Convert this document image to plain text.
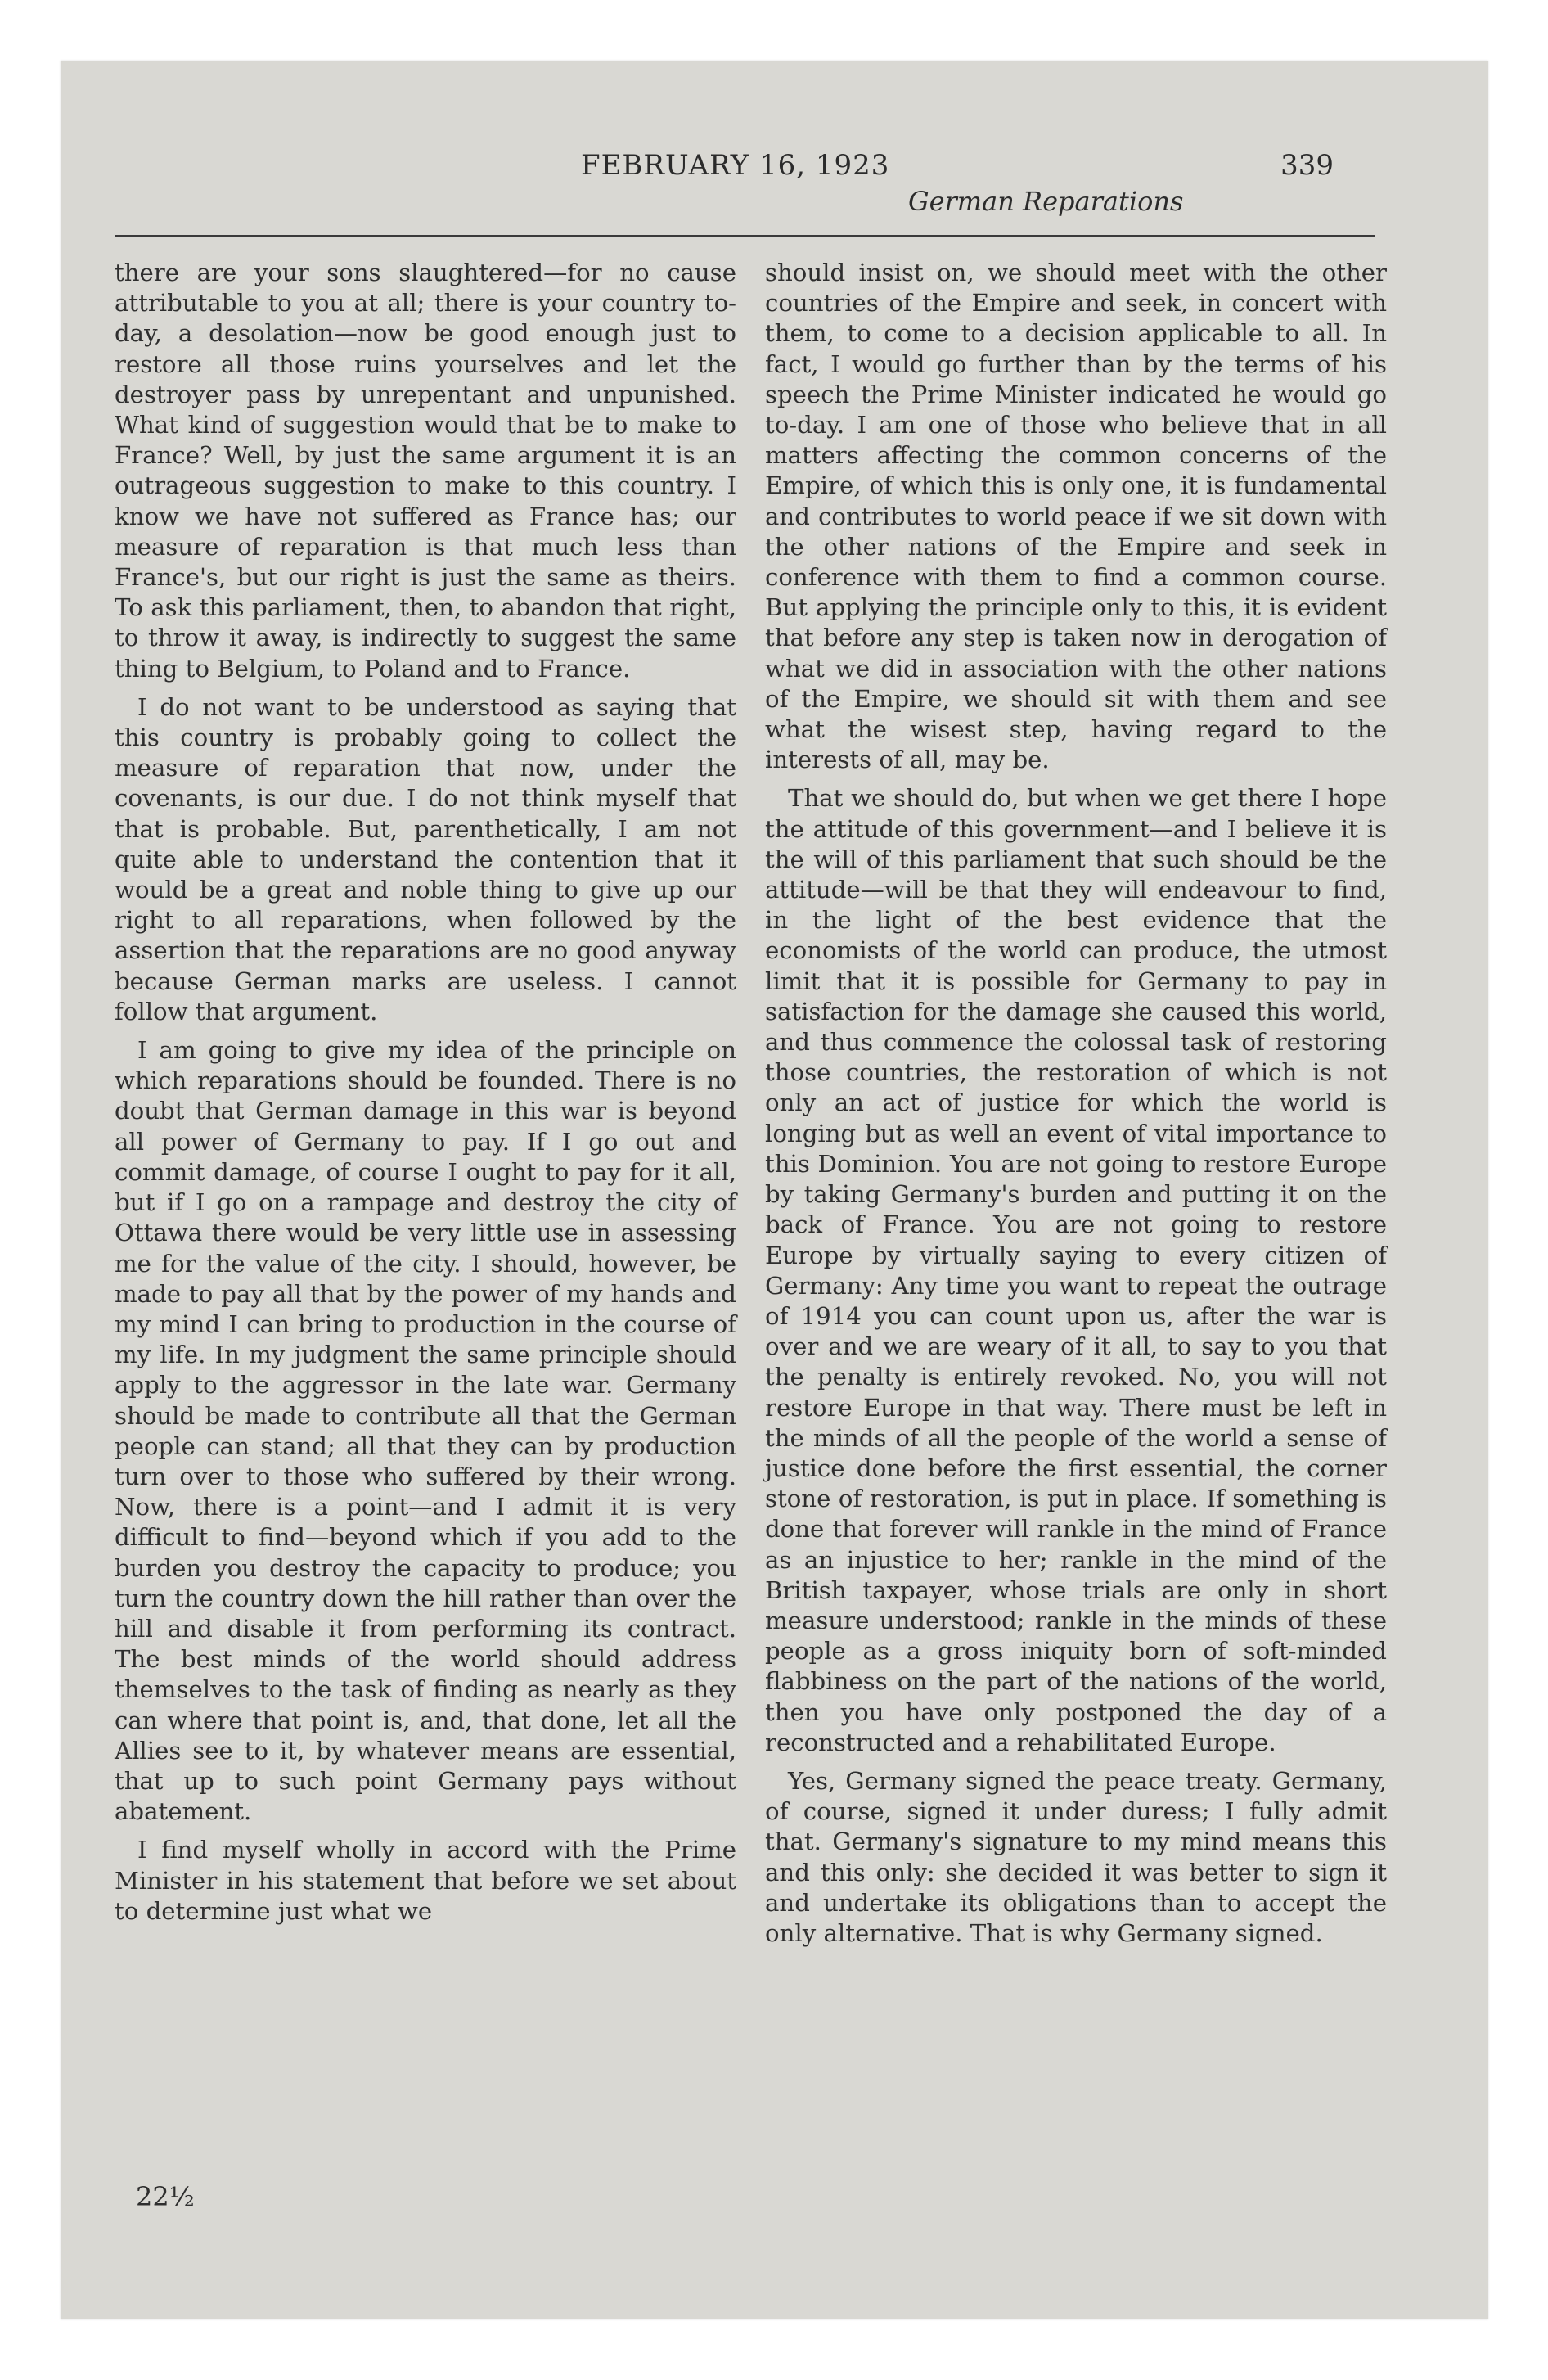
FEBRUARY 16, 1923	339
German Reparations

there are your sons slaughtered—for no cause attributable to you at all; there is your country to-day, a desolation—now be good enough just to restore all those ruins yourselves and let the destroyer pass by unrepentant and unpunished. What kind of suggestion would that be to make to France? Well, by just the same argument it is an outrageous suggestion to make to this country. I know we have not suffered as France has; our measure of reparation is that much less than France's, but our right is just the same as theirs. To ask this parliament, then, to abandon that right, to throw it away, is indirectly to suggest the same thing to Belgium, to Poland and to France.

I do not want to be understood as saying that this country is probably going to collect the measure of reparation that now, under the covenants, is our due. I do not think myself that that is probable. But, parenthetically, I am not quite able to understand the contention that it would be a great and noble thing to give up our right to all reparations, when followed by the assertion that the reparations are no good anyway because German marks are useless. I cannot follow that argument.

I am going to give my idea of the principle on which reparations should be founded. There is no doubt that German damage in this war is beyond all power of Germany to pay. If I go out and commit damage, of course I ought to pay for it all, but if I go on a rampage and destroy the city of Ottawa there would be very little use in assessing me for the value of the city. I should, however, be made to pay all that by the power of my hands and my mind I can bring to production in the course of my life. In my judgment the same principle should apply to the aggressor in the late war. Germany should be made to contribute all that the German people can stand; all that they can by production turn over to those who suffered by their wrong. Now, there is a point—and I admit it is very difficult to find—beyond which if you add to the burden you destroy the capacity to produce; you turn the country down the hill rather than over the hill and disable it from performing its contract. The best minds of the world should address themselves to the task of finding as nearly as they can where that point is, and, that done, let all the Allies see to it, by whatever means are essential, that up to such point Germany pays without abatement.

I find myself wholly in accord with the Prime Minister in his statement that before we set about to determine just what we

should insist on, we should meet with the other countries of the Empire and seek, in concert with them, to come to a decision applicable to all. In fact, I would go further than by the terms of his speech the Prime Minister indicated he would go to-day. I am one of those who believe that in all matters affecting the common concerns of the Empire, of which this is only one, it is fundamental and contributes to world peace if we sit down with the other nations of the Empire and seek in conference with them to find a common course. But applying the principle only to this, it is evident that before any step is taken now in derogation of what we did in association with the other nations of the Empire, we should sit with them and see what the wisest step, having regard to the interests of all, may be.

That we should do, but when we get there I hope the attitude of this government—and I believe it is the will of this parliament that such should be the attitude—will be that they will endeavour to find, in the light of the best evidence that the economists of the world can produce, the utmost limit that it is possible for Germany to pay in satisfaction for the damage she caused this world, and thus commence the colossal task of restoring those countries, the restoration of which is not only an act of justice for which the world is longing but as well an event of vital importance to this Dominion. You are not going to restore Europe by taking Germany's burden and putting it on the back of France. You are not going to restore Europe by virtually saying to every citizen of Germany: Any time you want to repeat the outrage of 1914 you can count upon us, after the war is over and we are weary of it all, to say to you that the penalty is entirely revoked. No, you will not restore Europe in that way. There must be left in the minds of all the people of the world a sense of justice done before the first essential, the corner stone of restoration, is put in place. If something is done that forever will rankle in the mind of France as an injustice to her; rankle in the mind of the British taxpayer, whose trials are only in short measure understood; rankle in the minds of these people as a gross iniquity born of soft-minded flabbiness on the part of the nations of the world, then you have only postponed the day of a reconstructed and a rehabilitated Europe.

Yes, Germany signed the peace treaty. Germany, of course, signed it under duress; I fully admit that. Germany's signature to my mind means this and this only: she decided it was better to sign it and undertake its obligations than to accept the only alternative. That is why Germany signed.

22½
